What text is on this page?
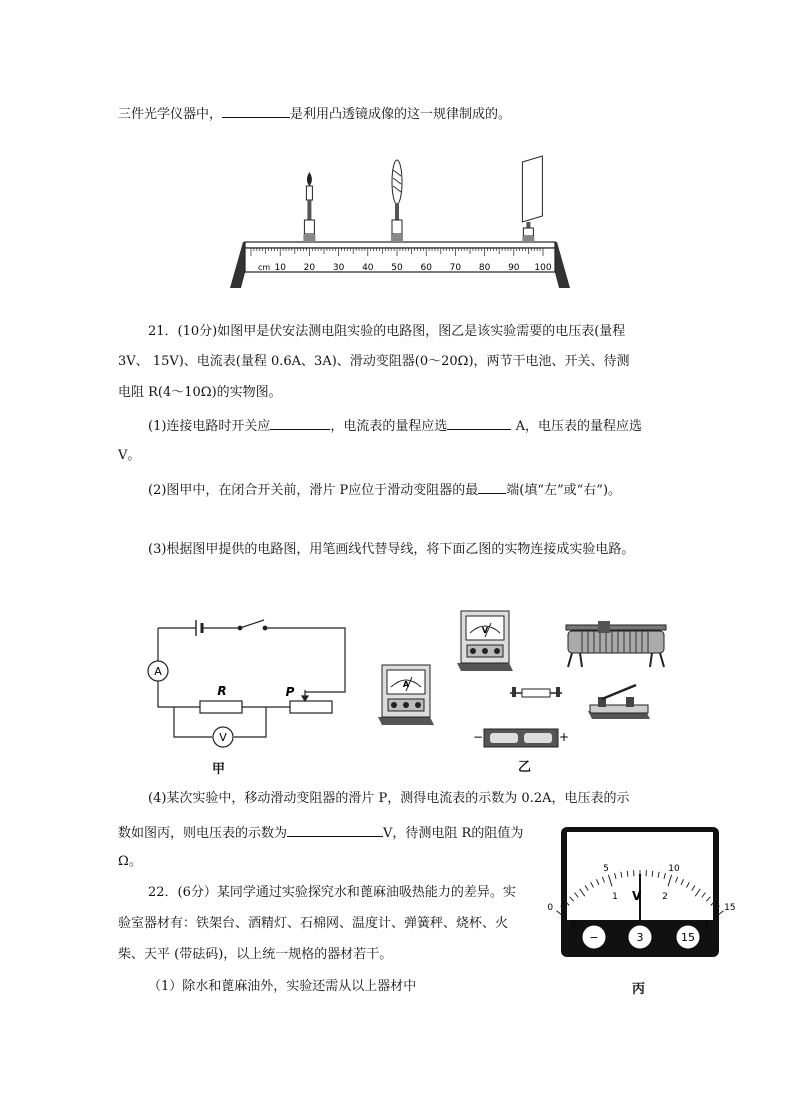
三件光学仪器中，	是利用凸透镜成像的这一规律制成的。
10 20 30 40 50 60 70 80 90 100
cm
21．(10分)如图甲是伏安法测电阻实验的电路图，图乙是该实验需要的电压表(量程
3V、 15V)、电流表(量程 0.6A、3A)、滑动变阻器(0～20Ω)，两节干电池、开关、待测
电阻 R(4～10Ω)的实物图。
(1)连接电路时开关应	，电流表的量程应选	A，电压表的量程应选
V。
(2)图甲中，在闭合开关前，滑片 P应位于滑动变阻器的最 端(填“左”或“右”)。
(3)根据图甲提供的电路图，用笔画线代替导线，将下面乙图的实物连接成实验电路。
A
V
R	P
甲
V
A
−	+
乙
(4)某次实验中，移动滑动变阻器的滑片 P，测得电流表的示数为 0.2A，电压表的示
数如图丙，则电压表的示数为	V，待测电阻 R的阻值为
Ω。
0
5	10
15
0
1	2
3
V
−	3	15
丙
22．(6分）某同学通过实验探究水和蓖麻油吸热能力的差异。实
验室器材有：铁架台、酒精灯、石棉网、温度计、弹簧秤、烧杯、火
柴、天平 (带砝码)，以上统一规格的器材若干。
（1）除水和蓖麻油外，实验还需从以上器材中
